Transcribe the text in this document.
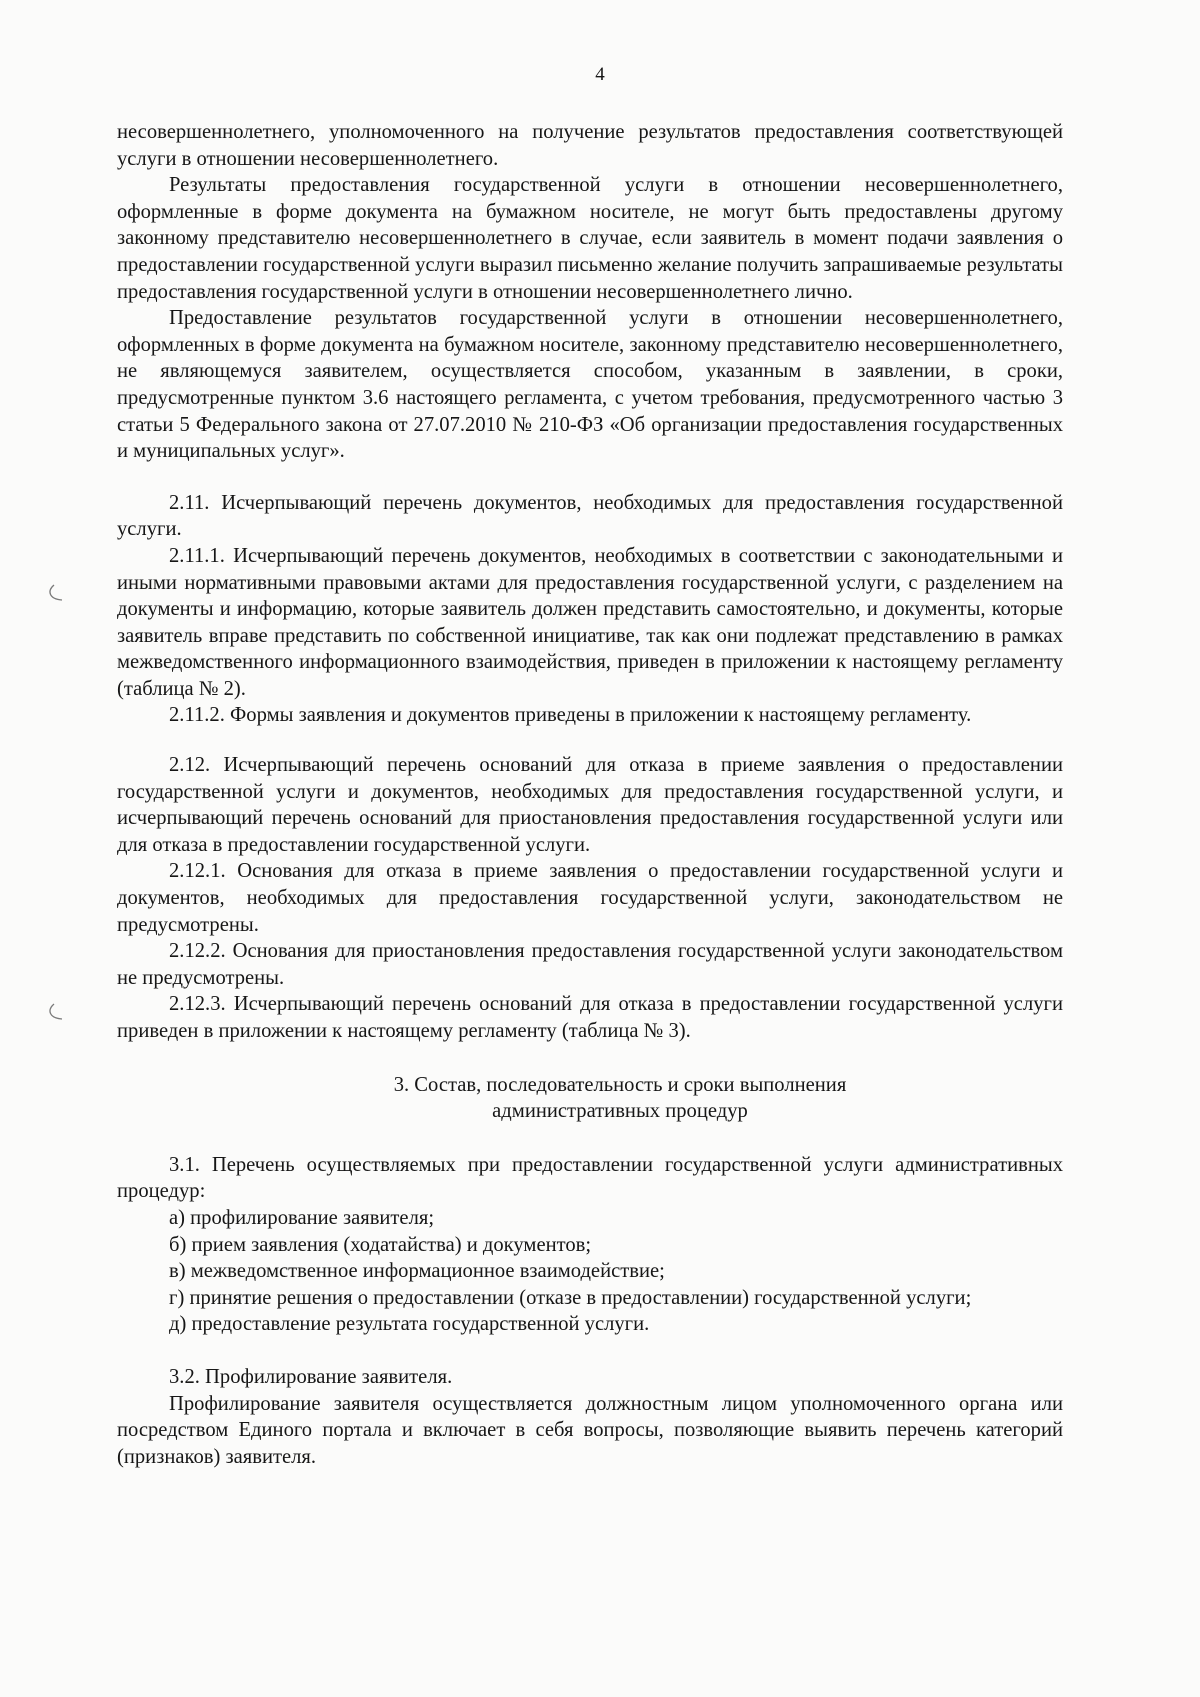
4

несовершеннолетнего, уполномоченного на получение результатов предоставления соответствующей услуги в отношении несовершеннолетнего.

Результаты предоставления государственной услуги в отношении несовершеннолетнего, оформленные в форме документа на бумажном носителе, не могут быть предоставлены другому законному представителю несовершеннолетнего в случае, если заявитель в момент подачи заявления о предоставлении государственной услуги выразил письменно желание получить запрашиваемые результаты предоставления государственной услуги в отношении несовершеннолетнего лично.

Предоставление результатов государственной услуги в отношении несовершеннолетнего, оформленных в форме документа на бумажном носителе, законному представителю несовершеннолетнего, не являющемуся заявителем, осуществляется способом, указанным в заявлении, в сроки, предусмотренные пунктом 3.6 настоящего регламента, с учетом требования, предусмотренного частью 3 статьи 5 Федерального закона от 27.07.2010 № 210-ФЗ «Об организации предоставления государственных и муниципальных услуг».

2.11. Исчерпывающий перечень документов, необходимых для предоставления государственной услуги.

2.11.1. Исчерпывающий перечень документов, необходимых в соответствии с законодательными и иными нормативными правовыми актами для предоставления государственной услуги, с разделением на документы и информацию, которые заявитель должен представить самостоятельно, и документы, которые заявитель вправе представить по собственной инициативе, так как они подлежат представлению в рамках межведомственного информационного взаимодействия, приведен в приложении к настоящему регламенту (таблица № 2).

2.11.2. Формы заявления и документов приведены в приложении к настоящему регламенту.

2.12. Исчерпывающий перечень оснований для отказа в приеме заявления о предоставлении государственной услуги и документов, необходимых для предоставления государственной услуги, и исчерпывающий перечень оснований для приостановления предоставления государственной услуги или для отказа в предоставлении государственной услуги.

2.12.1. Основания для отказа в приеме заявления о предоставлении государственной услуги и документов, необходимых для предоставления государственной услуги, законодательством не предусмотрены.

2.12.2. Основания для приостановления предоставления государственной услуги законодательством не предусмотрены.

2.12.3. Исчерпывающий перечень оснований для отказа в предоставлении государственной услуги приведен в приложении к настоящему регламенту (таблица № 3).

3. Состав, последовательность и сроки выполнения
административных процедур

3.1. Перечень осуществляемых при предоставлении государственной услуги административных процедур:

а) профилирование заявителя;

б) прием заявления (ходатайства) и документов;

в) межведомственное информационное взаимодействие;

г) принятие решения о предоставлении (отказе в предоставлении) государственной услуги;

д) предоставление результата государственной услуги.

3.2. Профилирование заявителя.

Профилирование заявителя осуществляется должностным лицом уполномоченного органа или посредством Единого портала и включает в себя вопросы, позволяющие выявить перечень категорий (признаков) заявителя.
